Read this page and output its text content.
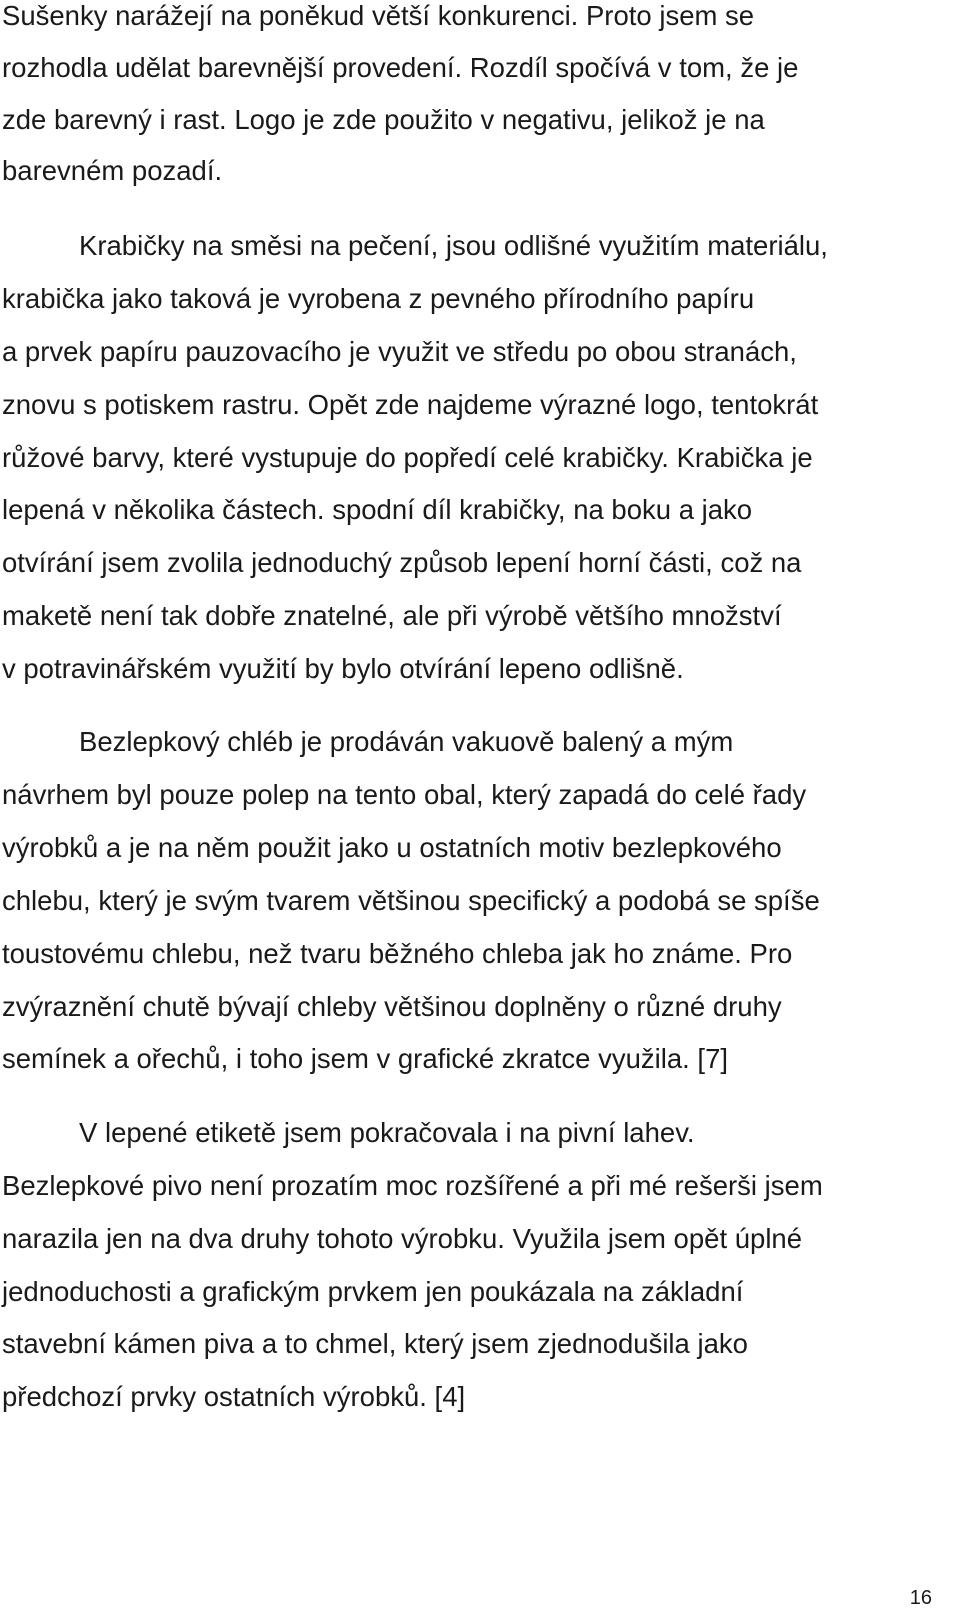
Sušenky narážejí na poněkud větší konkurenci. Proto jsem se
rozhodla udělat barevnější provedení. Rozdíl spočívá v tom, že je
zde barevný i rast. Logo je zde použito v negativu, jelikož je na
barevném pozadí.
Krabičky na směsi na pečení, jsou odlišné využitím materiálu,
krabička jako taková je vyrobena z pevného přírodního papíru
a prvek papíru pauzovacího je využit ve středu po obou stranách,
znovu s potiskem rastru. Opět zde najdeme výrazné logo, tentokrát
růžové barvy, které vystupuje do popředí celé krabičky. Krabička je
lepená v několika částech. spodní díl krabičky, na boku a jako
otvírání jsem zvolila jednoduchý způsob lepení horní části, což na
maketě není tak dobře znatelné, ale při výrobě většího množství
v potravinářském využití by bylo otvírání lepeno odlišně.
Bezlepkový chléb je prodáván vakuově balený a mým
návrhem byl pouze polep na tento obal, který zapadá do celé řady
výrobků a je na něm použit jako u ostatních motiv bezlepkového
chlebu, který je svým tvarem většinou specifický a podobá se spíše
toustovému chlebu, než tvaru běžného chleba jak ho známe. Pro
zvýraznění chutě bývají chleby většinou doplněny o různé druhy
semínek a ořechů, i toho jsem v grafické zkratce využila. [7]
V lepené etiketě jsem pokračovala i na pivní lahev.
Bezlepkové pivo není prozatím moc rozšířené a při mé rešerši jsem
narazila jen na dva druhy tohoto výrobku. Využila jsem opět úplné
jednoduchosti a grafickým prvkem jen poukázala na základní
stavební kámen piva a to chmel, který jsem zjednodušila jako
předchozí prvky ostatních výrobků. [4]
16
